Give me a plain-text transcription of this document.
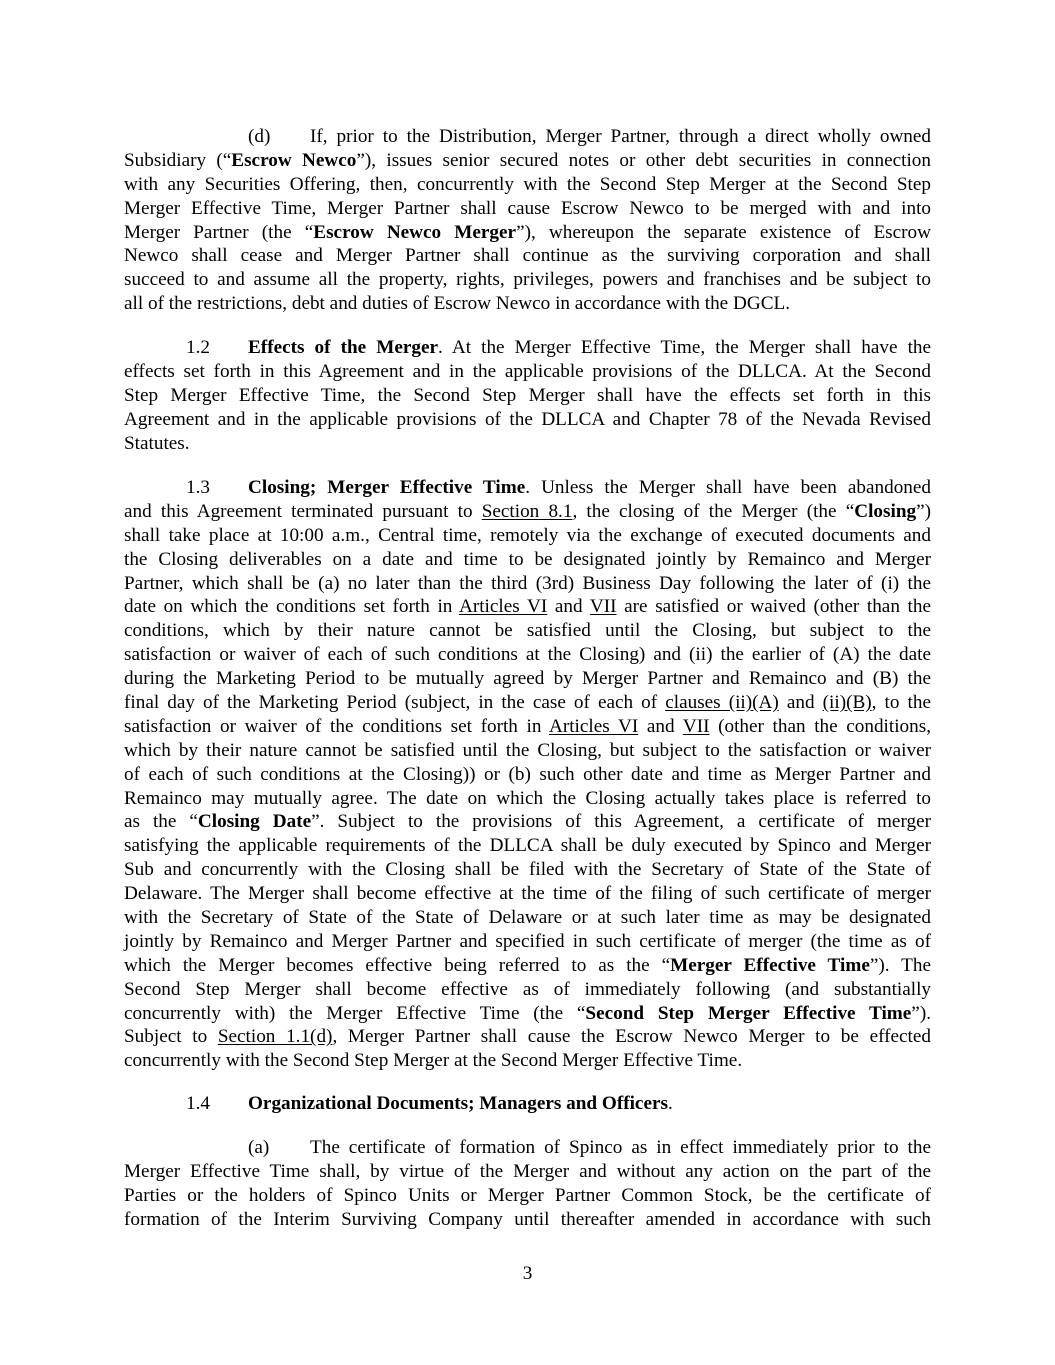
(d) If, prior to the Distribution, Merger Partner, through a direct wholly owned
Subsidiary (“Escrow Newco”), issues senior secured notes or other debt securities in connection
with any Securities Offering, then, concurrently with the Second Step Merger at the Second Step
Merger Effective Time, Merger Partner shall cause Escrow Newco to be merged with and into
Merger Partner (the “Escrow Newco Merger”), whereupon the separate existence of Escrow
Newco shall cease and Merger Partner shall continue as the surviving corporation and shall
succeed to and assume all the property, rights, privileges, powers and franchises and be subject to
all of the restrictions, debt and duties of Escrow Newco in accordance with the DGCL.
1.2 Effects of the Merger. At the Merger Effective Time, the Merger shall have the
effects set forth in this Agreement and in the applicable provisions of the DLLCA. At the Second
Step Merger Effective Time, the Second Step Merger shall have the effects set forth in this
Agreement and in the applicable provisions of the DLLCA and Chapter 78 of the Nevada Revised
Statutes.
1.3 Closing; Merger Effective Time. Unless the Merger shall have been abandoned
and this Agreement terminated pursuant to Section 8.1, the closing of the Merger (the “Closing”)
shall take place at 10:00 a.m., Central time, remotely via the exchange of executed documents and
the Closing deliverables on a date and time to be designated jointly by Remainco and Merger
Partner, which shall be (a) no later than the third (3rd) Business Day following the later of (i) the
date on which the conditions set forth in Articles VI and VII are satisfied or waived (other than the
conditions, which by their nature cannot be satisfied until the Closing, but subject to the
satisfaction or waiver of each of such conditions at the Closing) and (ii) the earlier of (A) the date
during the Marketing Period to be mutually agreed by Merger Partner and Remainco and (B) the
final day of the Marketing Period (subject, in the case of each of clauses (ii)(A) and (ii)(B), to the
satisfaction or waiver of the conditions set forth in Articles VI and VII (other than the conditions,
which by their nature cannot be satisfied until the Closing, but subject to the satisfaction or waiver
of each of such conditions at the Closing)) or (b) such other date and time as Merger Partner and
Remainco may mutually agree. The date on which the Closing actually takes place is referred to
as the “Closing Date”. Subject to the provisions of this Agreement, a certificate of merger
satisfying the applicable requirements of the DLLCA shall be duly executed by Spinco and Merger
Sub and concurrently with the Closing shall be filed with the Secretary of State of the State of
Delaware. The Merger shall become effective at the time of the filing of such certificate of merger
with the Secretary of State of the State of Delaware or at such later time as may be designated
jointly by Remainco and Merger Partner and specified in such certificate of merger (the time as of
which the Merger becomes effective being referred to as the “Merger Effective Time”). The
Second Step Merger shall become effective as of immediately following (and substantially
concurrently with) the Merger Effective Time (the “Second Step Merger Effective Time”).
Subject to Section 1.1(d), Merger Partner shall cause the Escrow Newco Merger to be effected
concurrently with the Second Step Merger at the Second Merger Effective Time.
1.4 Organizational Documents; Managers and Officers.
(a) The certificate of formation of Spinco as in effect immediately prior to the
Merger Effective Time shall, by virtue of the Merger and without any action on the part of the
Parties or the holders of Spinco Units or Merger Partner Common Stock, be the certificate of
formation of the Interim Surviving Company until thereafter amended in accordance with such
3
